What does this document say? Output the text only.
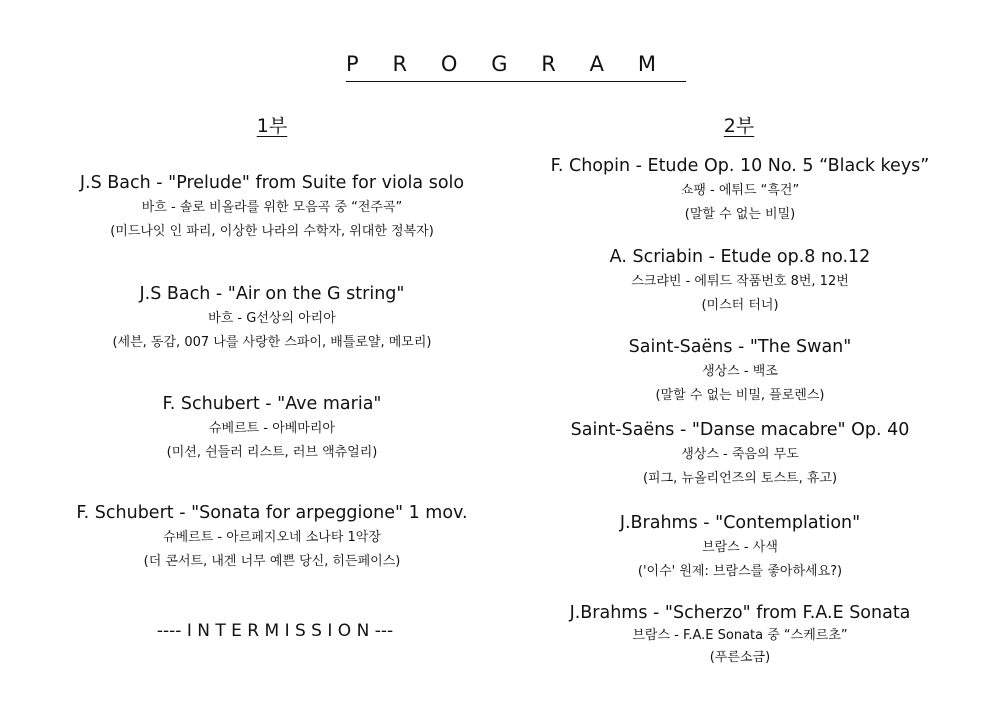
P R O G R A M
1부	2부
J.S Bach - "Prelude" from Suite for viola solo
바흐 - 솔로 비올라를 위한 모음곡 중 “전주곡”
(미드나잇 인 파리, 이상한 나라의 수학자, 위대한 정복자)
J.S Bach - "Air on the G string"
바흐 - G선상의 아리아
(세븐, 동감, 007 나를 사랑한 스파이, 배틀로얄, 메모리)
F. Schubert - "Ave maria"
슈베르트 - 아베마리아
(미션, 쉰들러 리스트, 러브 액츄얼리)
F. Schubert - "Sonata for arpeggione" 1 mov.
슈베르트 - 아르페지오네 소나타 1악장
(더 콘서트, 내겐 너무 예쁜 당신, 히든페이스)
---- I N T E R M I S S I O N ---
F. Chopin - Etude Op. 10 No. 5 “Black keys”
쇼팽 - 에튀드 “흑건”
(말할 수 없는 비밀)
A. Scriabin - Etude op.8 no.12
스크랴빈 - 에튀드 작품번호 8번, 12번
(미스터 터너)
Saint-Saëns - "The Swan"
생상스 - 백조
(말할 수 없는 비밀, 플로렌스)
Saint-Saëns - "Danse macabre" Op. 40
생상스 - 죽음의 무도
(피그, 뉴올리언즈의 토스트, 휴고)
J.Brahms - "Contemplation"
브람스 - 사색
('이수' 원제: 브람스를 좋아하세요?)
J.Brahms - "Scherzo" from F.A.E Sonata
브람스 - F.A.E Sonata 중 “스케르초”
(푸른소금)
